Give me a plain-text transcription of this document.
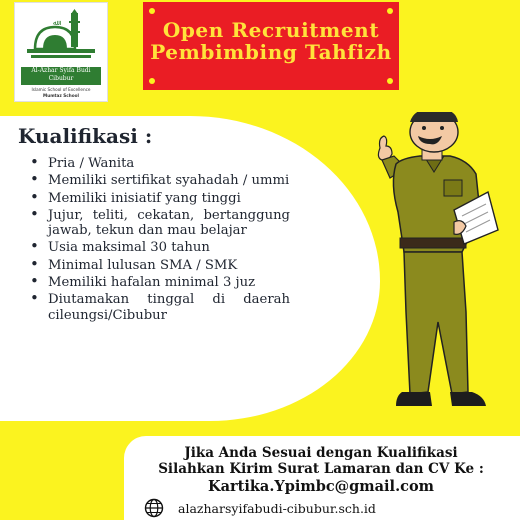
ﷲ
Al-Azhar Syifa Budi
Cibubur
Islamic School of Excellence
Mumtaz School
Open Recruitment
Pembimbing Tahfizh
Kualifikasi :
• Pria / Wanita
• Memiliki sertifikat syahadah / ummi
• Memiliki inisiatif yang tinggi
• Jujur, teliti, cekatan, bertanggung jawab, tekun dan mau belajar
• Usia maksimal 30 tahun
• Minimal lulusan SMA / SMK
• Memiliki hafalan minimal 3 juz
• Diutamakan tinggal di daerah cileungsi/Cibubur
Jika Anda Sesuai dengan Kualifikasi
Silahkan Kirim Surat Lamaran dan CV Ke :
Kartika.Ypimbc@gmail.com
alazharsyifabudi-cibubur.sch.id
